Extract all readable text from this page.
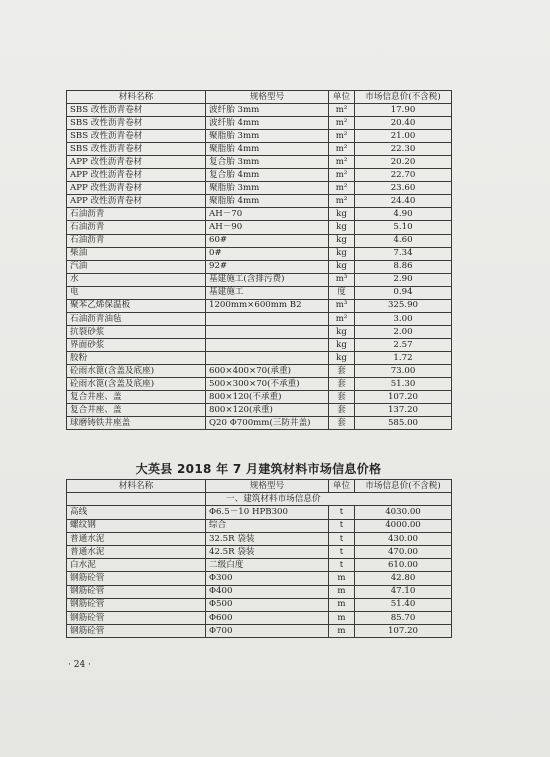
材料名称	规格型号	单位	市场信息价(不含税)
SBS 改性沥青卷材	波纤胎 3mm	m²	17.90
SBS 改性沥青卷材	波纤胎 4mm	m²	20.40
SBS 改性沥青卷材	聚脂胎 3mm	m²	21.00
SBS 改性沥青卷材	聚脂胎 4mm	m²	22.30
APP 改性沥青卷材	复合胎 3mm	m²	20.20
APP 改性沥青卷材	复合胎 4mm	m²	22.70
APP 改性沥青卷材	聚脂胎 3mm	m²	23.60
APP 改性沥青卷材	聚脂胎 4mm	m²	24.40
石油沥青	AH－70	kg	4.90
石油沥青	AH－90	kg	5.10
石油沥青	60#	kg	4.60
柴油	0#	kg	7.34
汽油	92#	kg	8.86
水	基建施工(含排污费)	m³	2.90
电	基建施工	度	0.94
聚苯乙烯保温板	1200mm×600mm B2	m³	325.90
石油沥青油毡		m²	3.00
抗裂砂浆		kg	2.00
界面砂浆		kg	2.57
胶粉		kg	1.72
砼雨水篦(含盖及底座)	600×400×70(承重)	套	73.00
砼雨水篦(含盖及底座)	500×300×70(不承重)	套	51.30
复合井座、盖	800×120(不承重)	套	107.20
复合井座、盖	800×120(承重)	套	137.20
球磨铸铁井座盖	Q20 Φ700mm(三防井盖)	套	585.00
大英县 2018 年 7 月建筑材料市场信息价格
材料名称	规格型号	单位	市场信息价(不含税)
	一、建筑材料市场信息价		
高线	Φ6.5－10 HPB300	t	4030.00
螺纹钢	综合	t	4000.00
普通水泥	32.5R 袋装	t	430.00
普通水泥	42.5R 袋装	t	470.00
白水泥	二级白度	t	610.00
钢筋砼管	Φ300	m	42.80
钢筋砼管	Φ400	m	47.10
钢筋砼管	Φ500	m	51.40
钢筋砼管	Φ600	m	85.70
钢筋砼管	Φ700	m	107.20
· 24 ·
